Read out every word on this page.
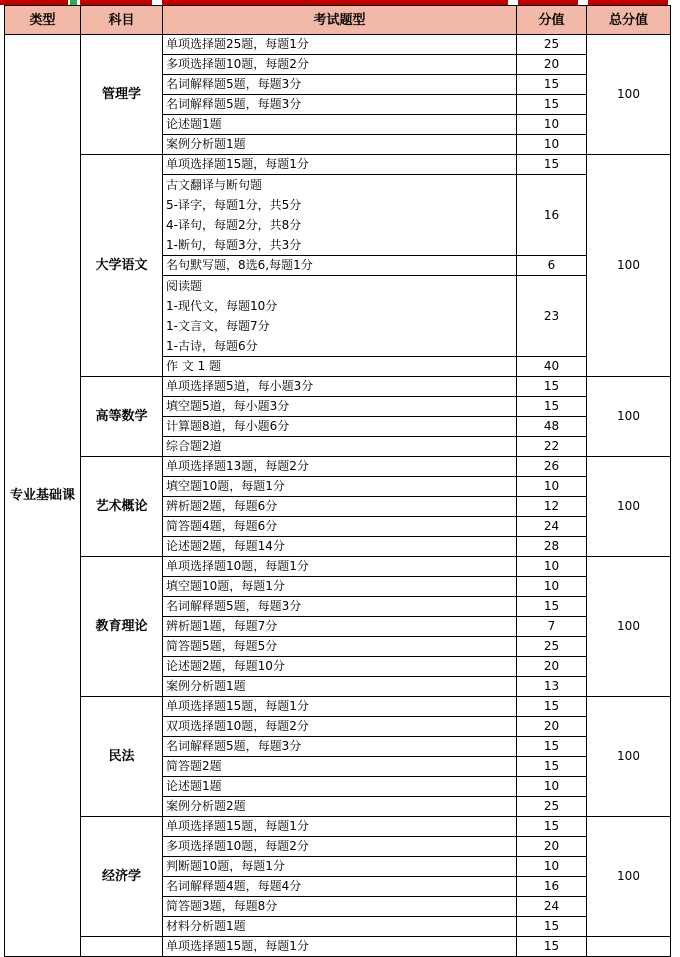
类型	科目	考试题型	分值	总分值
专业基础课	管理学	单项选择题25题，每题1分	25	100
		多项选择题10题，每题2分	20	
		名词解释题5题，每题3分	15	
		名词解释题5题，每题3分	15	
		论述题1题	10	
		案例分析题1题	10	
	大学语文	单项选择题15题，每题1分	15	100
		古文翻译与断句题
5-译字，每题1分，共5分
4-译句，每题2分，共8分
1-断句，每题3分，共3分	16	
		名句默写题，8选6,每题1分	6	
		阅读题
1-现代文，每题10分
1-文言文，每题7分
1-古诗，每题6分	23	
		作 文 1 题	40	
	高等数学	单项选择题5道，每小题3分	15	100
		填空题5道，每小题3分	15	
		计算题8道，每小题6分	48	
		综合题2道	22	
	艺术概论	单项选择题13题，每题2分	26	100
		填空题10题，每题1分	10	
		辨析题2题，每题6分	12	
		简答题4题，每题6分	24	
		论述题2题，每题14分	28	
	教育理论	单项选择题10题，每题1分	10	100
		填空题10题，每题1分	10	
		名词解释题5题，每题3分	15	
		辨析题1题，每题7分	7	
		简答题5题，每题5分	25	
		论述题2题，每题10分	20	
		案例分析题1题	13	
	民法	单项选择题15题，每题1分	15	100
		双项选择题10题，每题2分	20	
		名词解释题5题，每题3分	15	
		简答题2题	15	
		论述题1题	10	
		案例分析题2题	25	
	经济学	单项选择题15题，每题1分	15	100
		多项选择题10题，每题2分	20	
		判断题10题，每题1分	10	
		名词解释题4题，每题4分	16	
		简答题3题，每题8分	24	
		材料分析题1题	15	
		单项选择题15题，每题1分	15	
